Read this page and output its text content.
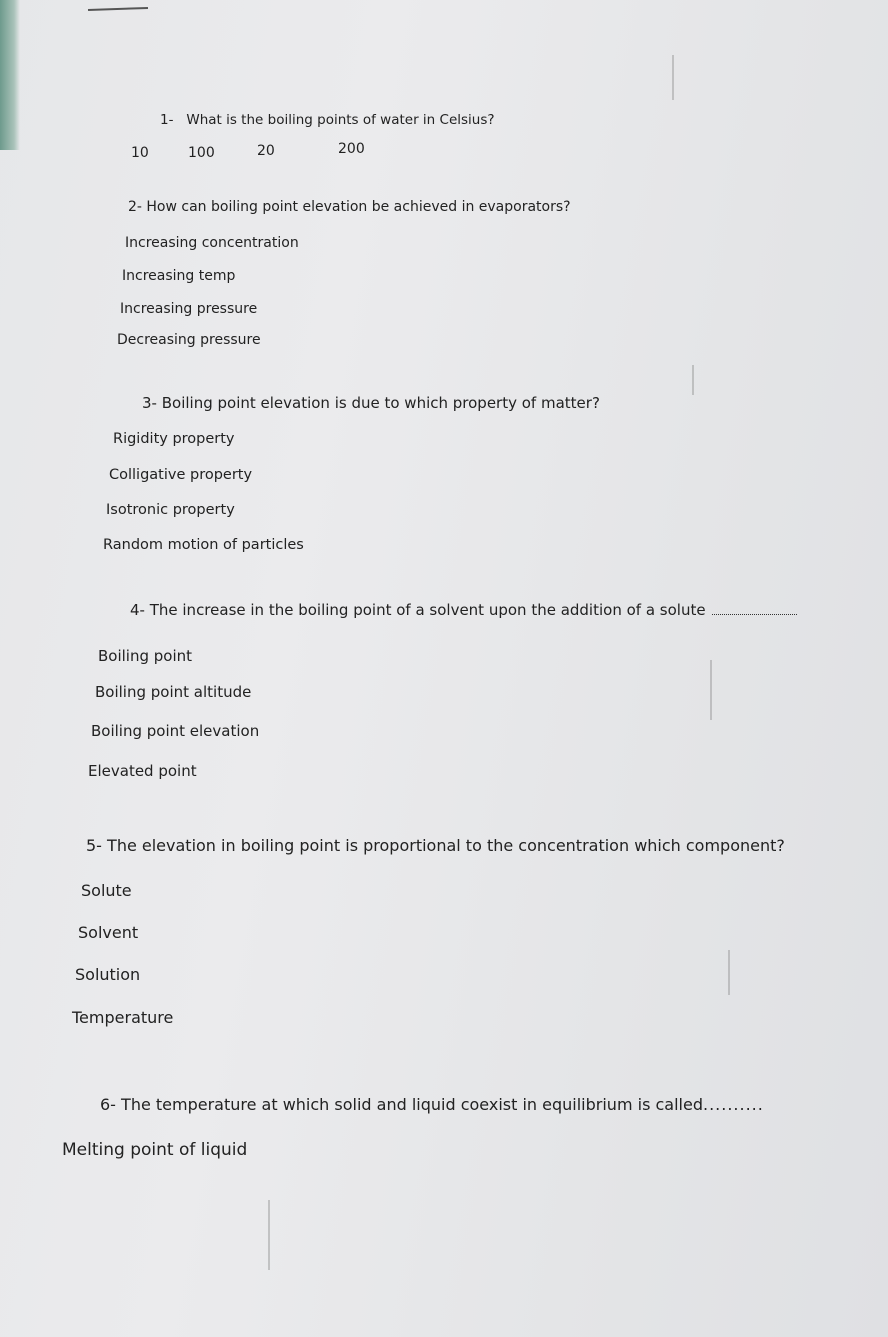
1- What is the boiling points of water in Celsius?
10	100	20	200
2- How can boiling point elevation be achieved in evaporators?
Increasing concentration
Increasing temp
Increasing pressure
Decreasing pressure
3- Boiling point elevation is due to which property of matter?
Rigidity property
Colligative property
Isotronic property
Random motion of particles
4- The increase in the boiling point of a solvent upon the addition of a solute
Boiling point
Boiling point altitude
Boiling point elevation
Elevated point
5- The elevation in boiling point is proportional to the concentration which component?
Solute
Solvent
Solution
Temperature
6- The temperature at which solid and liquid coexist in equilibrium is called..........
Melting point of liquid
